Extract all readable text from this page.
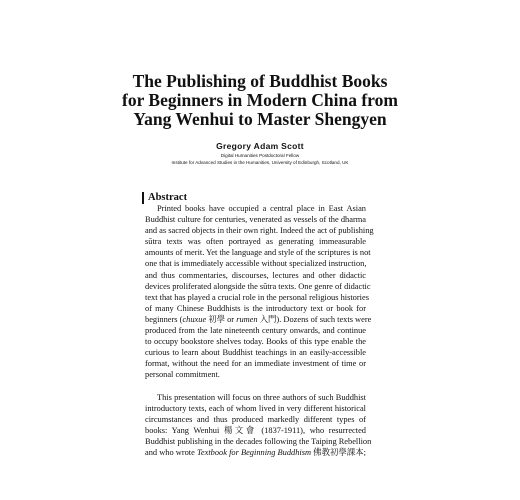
The Publishing of Buddhist Books
for Beginners in Modern China from
Yang Wenhui to Master Shengyen
Gregory Adam Scott
Digital Humanities Postdoctoral Fellow
Institute for Advanced Studies in the Humanities, University of Edinburgh, Scotland, UK
Abstract
Printed books have occupied a central place in East Asian
Buddhist culture for centuries, venerated as vessels of the dharma
and as sacred objects in their own right. Indeed the act of publishing
sūtra texts was often portrayed as generating immeasurable
amounts of merit. Yet the language and style of the scriptures is not
one that is immediately accessible without specialized instruction,
and thus commentaries, discourses, lectures and other didactic
devices proliferated alongside the sūtra texts. One genre of didactic
text that has played a crucial role in the personal religious histories
of many Chinese Buddhists is the introductory text or book for
beginners (chuxue 初學 or rumen 入門). Dozens of such texts were
produced from the late nineteenth century onwards, and continue
to occupy bookstore shelves today. Books of this type enable the
curious to learn about Buddhist teachings in an easily-accessible
format, without the need for an immediate investment of time or
personal commitment.
This presentation will focus on three authors of such Buddhist
introductory texts, each of whom lived in very different historical
circumstances and thus produced markedly different types of
books: Yang Wenhui 楊文會 (1837-1911), who resurrected
Buddhist publishing in the decades following the Taiping Rebellion
and who wrote Textbook for Beginning Buddhism 佛教初學課本;
